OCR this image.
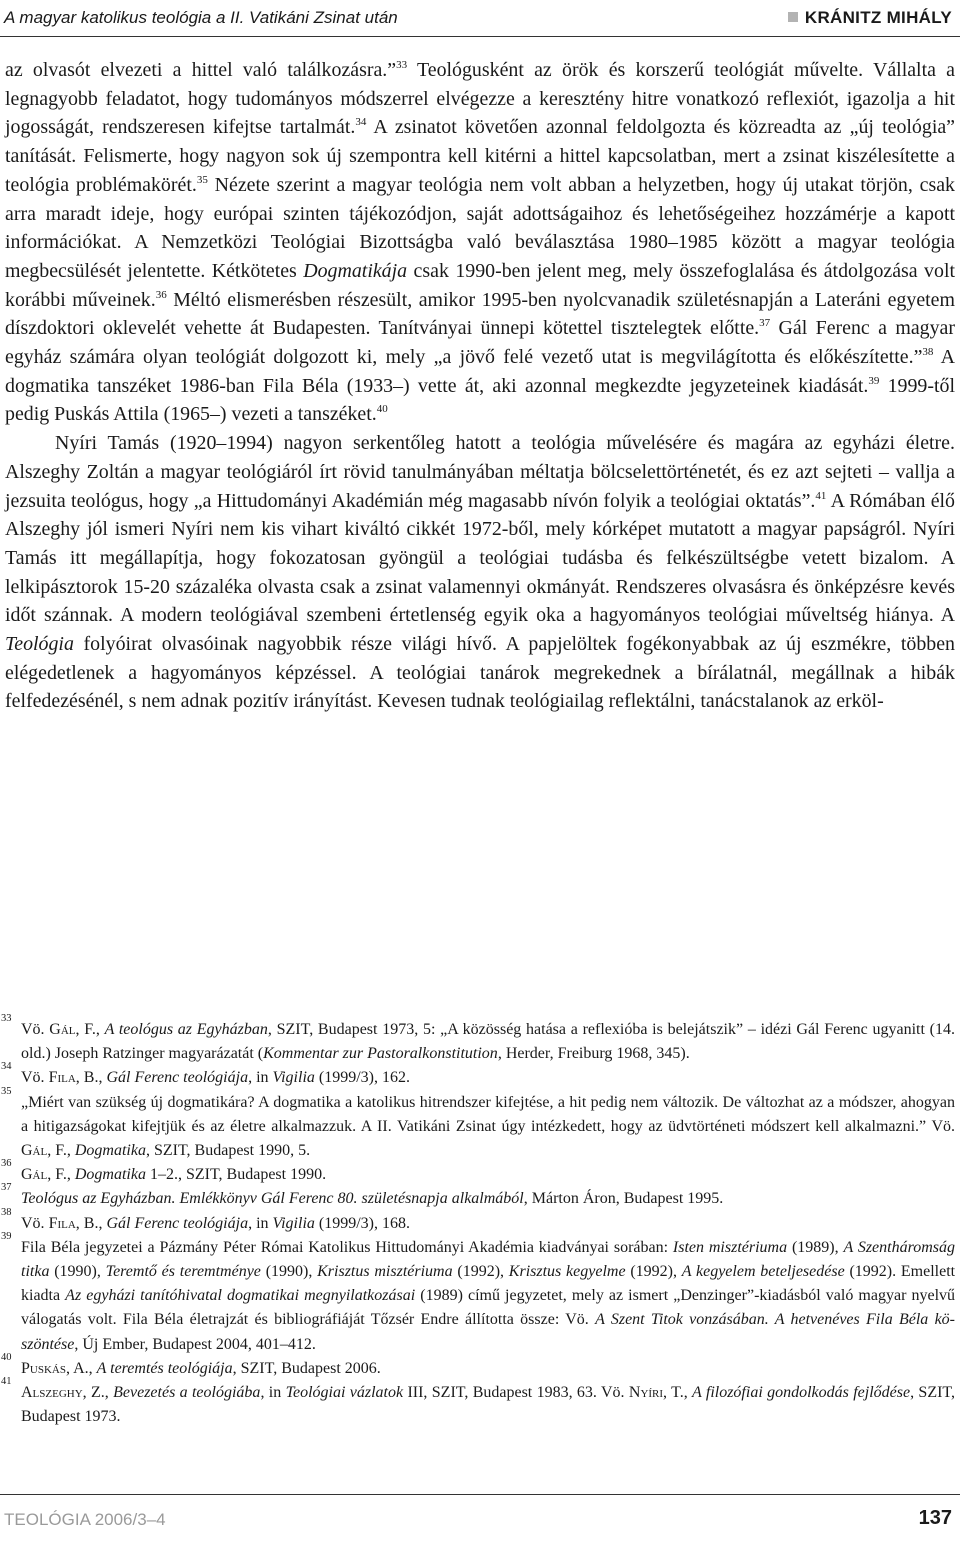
A magyar katolikus teológia a II. Vatikáni Zsinat után	KRÁNITZ MIHÁLY

az olvasót elvezeti a hittel való találkozásra.”$^{33}$ Teológusként az örök és korszerű teológiát művelte. Vállalta a legnagyobb feladatot, hogy tudományos módszerrel elvégezze a keresztény hitre vonatkozó reflexiót, igazolja a hit jogosságát, rendszeresen kifejtse tartalmát.$^{34}$ A zsinatot követően azonnal feldolgozta és közreadta az „új teológia” tanítását. Felismerte, hogy nagyon sok új szempontra kell kitérni a hittel kapcsolatban, mert a zsinat kiszélesítette a teológia problémakörét.$^{35}$ Nézete szerint a magyar teológia nem volt abban a helyzetben, hogy új utakat törjön, csak arra maradt ideje, hogy európai szinten tájékozódjon, saját adottságaihoz és lehetőségeihez hozzámérje a kapott információkat. A Nemzetközi Teológiai Bizottságba való beválasztása 1980–1985 között a magyar teológia megbecsülését jelentette. Kétkötetes Dogmatikája csak 1990-ben jelent meg, mely összefoglalása és átdolgozása volt korábbi műveinek.$^{36}$ Méltó elismerésben részesült, amikor 1995-ben nyolcvanadik születésnapján a Lateráni egyetem díszdoktori oklevelét vehette át Budapesten. Tanítványai ünnepi kötettel tisztelegtek előtte.$^{37}$ Gál Ferenc a magyar egyház számára olyan teológiát dolgozott ki, mely „a jövő felé vezető utat is megvilágította és előkészítette.”$^{38}$ A dogmatika tanszéket 1986-ban Fila Béla (1933–) vette át, aki azonnal megkezdte jegyzeteinek kiadását.$^{39}$ 1999-től pedig Puskás Attila (1965–) vezeti a tanszéket.$^{40}$

Nyíri Tamás (1920–1994) nagyon serkentőleg hatott a teológia művelésére és magára az egyházi életre. Alszeghy Zoltán a magyar teológiáról írt rövid tanulmányában méltatja bölcselettörténetét, és ez azt sejteti – vallja a jezsuita teológus, hogy „a Hittudományi Akadémián még magasabb nívón folyik a teológiai oktatás”.$^{41}$ A Rómában élő Alszeghy jól ismeri Nyíri nem kis vihart kiváltó cikkét 1972-ből, mely kórképet mutatott a magyar papságról. Nyíri Tamás itt megállapítja, hogy fokozatosan gyöngül a teológiai tudásba és felkészültségbe vetett bizalom. A lelkipásztorok 15-20 százaléka olvasta csak a zsinat valamennyi okmányát. Rendszeres olvasásra és önképzésre kevés időt szánnak. A modern teológiával szembeni értetlenség egyik oka a hagyományos teológiai műveltség hiánya. A Teológia folyóirat olvasóinak nagyobbik része világi hívő. A papjelöltek fogékonyabbak az új eszmékre, többen elégedetlenek a hagyományos képzéssel. A teológiai tanárok megrekednek a bírálatnál, megállnak a hibák felfedezésénél, s nem adnak pozitív irányítást. Kevesen tudnak teológiailag reflektálni, tanácstalanok az erköl-

33
Vö. Gál, F., A teológus az Egyházban, SZIT, Budapest 1973, 5: „A közösség hatása a reflexióba is belejátszik” – idézi Gál Ferenc ugyanitt (14. old.) Joseph Ratzinger magyarázatát (Kommentar zur Pastoralkonstitution, Herder, Freiburg 1968, 345).

34
Vö. Fila, B., Gál Ferenc teológiája, in Vigilia (1999/3), 162.

35
„Miért van szükség új dogmatikára? A dogmatika a katolikus hitrendszer kifejtése, a hit pedig nem változik. De változhat az a módszer, ahogyan a hitigazságokat kifejtjük és az életre alkalmazzuk. A II. Vatikáni Zsinat úgy intézkedett, hogy az üdvtörténeti módszert kell alkalmazni.” Vö. Gál, F., Dogmatika, SZIT, Budapest 1990, 5.

36
Gál, F., Dogmatika 1–2., SZIT, Budapest 1990.

37
Teológus az Egyházban. Emlékkönyv Gál Ferenc 80. születésnapja alkalmából, Márton Áron, Budapest 1995.

38
Vö. Fila, B., Gál Ferenc teológiája, in Vigilia (1999/3), 168.

39
Fila Béla jegyzetei a Pázmány Péter Római Katolikus Hittudományi Akadémia kiadványai sorában: Isten misztériuma (1989), A Szentháromság titka (1990), Teremtő és teremtménye (1990), Krisztus misztériuma (1992), Krisztus kegyelme (1992), A kegyelem beteljesedése (1992). Emellett kiadta Az egyházi tanítóhivatal dogmatikai megnyilatkozásai (1989) című jegyzetet, mely az ismert „Denzinger”-kiadásból való magyar nyelvű válogatás volt. Fila Béla életrajzát és bibliográfiáját Tőzsér Endre állította össze: Vö. A Szent Titok vonzásában. A hetvenéves Fila Béla köszöntése, Új Ember, Budapest 2004, 401–412.

40
Puskás, A., A teremtés teológiája, SZIT, Budapest 2006.

41
Alszeghy, Z., Bevezetés a teológiába, in Teológiai vázlatok III, SZIT, Budapest 1983, 63. Vö. Nyíri, T., A filozófiai gondolkodás fejlődése, SZIT, Budapest 1973.

TEOLÓGIA 2006/3–4	137
